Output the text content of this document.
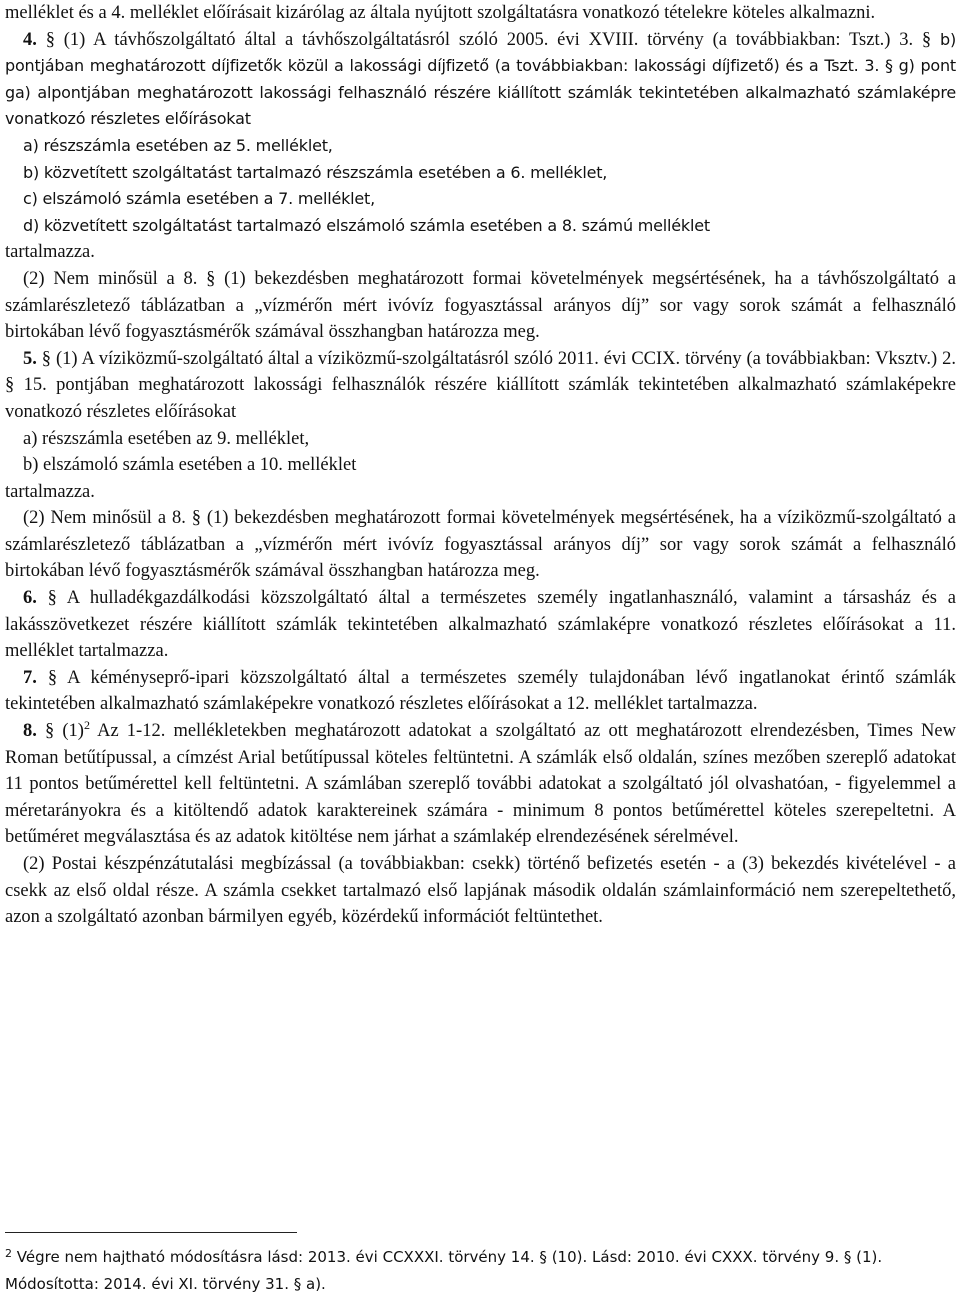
melléklet és a 4. melléklet előírásait kizárólag az általa nyújtott szolgáltatásra vonatkozó tételekre köteles alkalmazni.

4. § (1) A távhőszolgáltató által a távhőszolgáltatásról szóló 2005. évi XVIII. törvény (a továbbiakban: Tszt.) 3. § b) pontjában meghatározott díjfizetők közül a lakossági díjfizető (a továbbiakban: lakossági díjfizető) és a Tszt. 3. § g) pont ga) alpontjában meghatározott lakossági felhasználó részére kiállított számlák tekintetében alkalmazható számlaképre vonatkozó részletes előírásokat

a) részszámla esetében az 5. melléklet,

b) közvetített szolgáltatást tartalmazó részszámla esetében a 6. melléklet,

c) elszámoló számla esetében a 7. melléklet,

d) közvetített szolgáltatást tartalmazó elszámoló számla esetében a 8. számú melléklet

tartalmazza.

(2) Nem minősül a 8. § (1) bekezdésben meghatározott formai követelmények megsértésének, ha a távhőszolgáltató a számlarészletező táblázatban a „vízmérőn mért ivóvíz fogyasztással arányos díj” sor vagy sorok számát a felhasználó birtokában lévő fogyasztásmérők számával összhangban határozza meg.

5. § (1) A víziközmű-szolgáltató által a víziközmű-szolgáltatásról szóló 2011. évi CCIX. törvény (a továbbiakban: Vksztv.) 2. § 15. pontjában meghatározott lakossági felhasználók részére kiállított számlák tekintetében alkalmazható számlaképekre vonatkozó részletes előírásokat

a) részszámla esetében az 9. melléklet,

b) elszámoló számla esetében a 10. melléklet

tartalmazza.

(2) Nem minősül a 8. § (1) bekezdésben meghatározott formai követelmények megsértésének, ha a víziközmű-szolgáltató a számlarészletező táblázatban a „vízmérőn mért ivóvíz fogyasztással arányos díj” sor vagy sorok számát a felhasználó birtokában lévő fogyasztásmérők számával összhangban határozza meg.

6. § A hulladékgazdálkodási közszolgáltató által a természetes személy ingatlanhasználó, valamint a társasház és a lakásszövetkezet részére kiállított számlák tekintetében alkalmazható számlaképre vonatkozó részletes előírásokat a 11. melléklet tartalmazza.

7. § A kéményseprő-ipari közszolgáltató által a természetes személy tulajdonában lévő ingatlanokat érintő számlák tekintetében alkalmazható számlaképekre vonatkozó részletes előírásokat a 12. melléklet tartalmazza.

8. § $(1)^2$ Az 1-12. mellékletekben meghatározott adatokat a szolgáltató az ott meghatározott elrendezésben, Times New Roman betűtípussal, a címzést Arial betűtípussal köteles feltüntetni. A számlák első oldalán, színes mezőben szereplő adatokat 11 pontos betűmérettel kell feltüntetni. A számlában szereplő további adatokat a szolgáltató jól olvashatóan, - figyelemmel a méretarányokra és a kitöltendő adatok karaktereinek számára - minimum 8 pontos betűmérettel köteles szerepeltetni. A betűméret megválasztása és az adatok kitöltése nem járhat a számlakép elrendezésének sérelmével.

(2) Postai készpénzátutalási megbízással (a továbbiakban: csekk) történő befizetés esetén - a (3) bekezdés kivételével - a csekk az első oldal része. A számla csekket tartalmazó első lapjának második oldalán számlainformáció nem szerepeltethető, azon a szolgáltató azonban bármilyen egyéb, közérdekű információt feltüntethet.

$^2$ Végre nem hajtható módosításra lásd: 2013. évi CCXXXI. törvény 14. § (10). Lásd: 2010. évi CXXX. törvény 9. § (1). Módosította: 2014. évi XI. törvény 31. § a).
